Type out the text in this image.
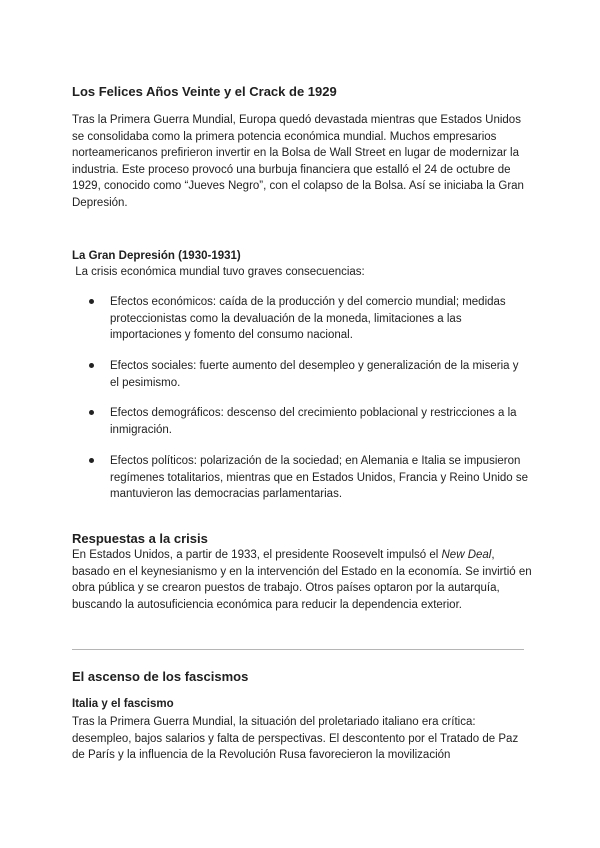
Los Felices Años Veinte y el Crack de 1929

Tras la Primera Guerra Mundial, Europa quedó devastada mientras que Estados Unidos se consolidaba como la primera potencia económica mundial. Muchos empresarios norteamericanos prefirieron invertir en la Bolsa de Wall Street en lugar de modernizar la industria. Este proceso provocó una burbuja financiera que estalló el 24 de octubre de 1929, conocido como “Jueves Negro”, con el colapso de la Bolsa. Así se iniciaba la Gran Depresión.

La Gran Depresión (1930-1931)

La crisis económica mundial tuvo graves consecuencias:

Efectos económicos: caída de la producción y del comercio mundial; medidas proteccionistas como la devaluación de la moneda, limitaciones a las importaciones y fomento del consumo nacional.
Efectos sociales: fuerte aumento del desempleo y generalización de la miseria y el pesimismo.
Efectos demográficos: descenso del crecimiento poblacional y restricciones a la inmigración.
Efectos políticos: polarización de la sociedad; en Alemania e Italia se impusieron regímenes totalitarios, mientras que en Estados Unidos, Francia y Reino Unido se mantuvieron las democracias parlamentarias.
Respuestas a la crisis

En Estados Unidos, a partir de 1933, el presidente Roosevelt impulsó el New Deal, basado en el keynesianismo y en la intervención del Estado en la economía. Se invirtió en obra pública y se crearon puestos de trabajo. Otros países optaron por la autarquía, buscando la autosuficiencia económica para reducir la dependencia exterior.

El ascenso de los fascismos
Italia y el fascismo

Tras la Primera Guerra Mundial, la situación del proletariado italiano era crítica: desempleo, bajos salarios y falta de perspectivas. El descontento por el Tratado de Paz de París y la influencia de la Revolución Rusa favorecieron la movilización
